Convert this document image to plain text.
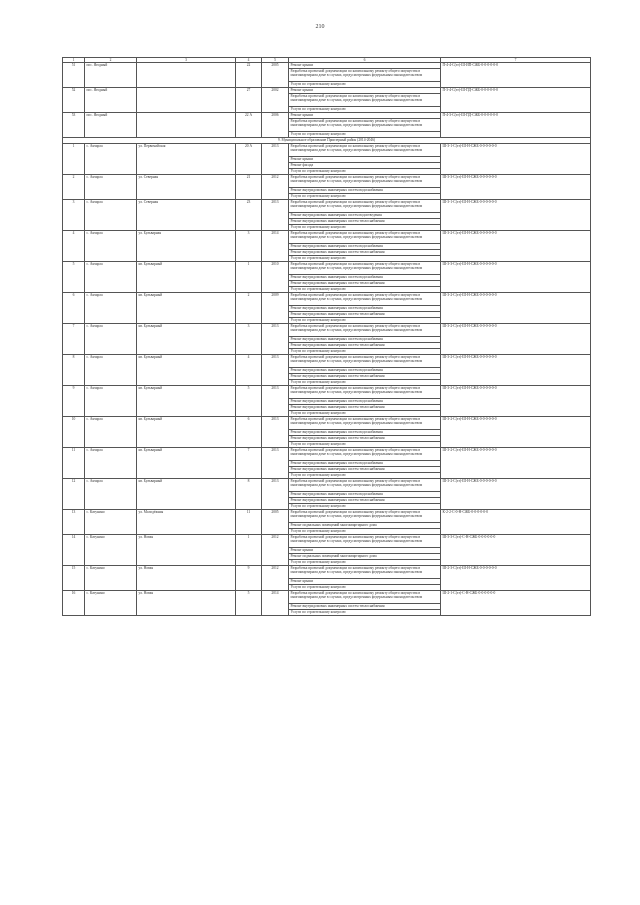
210
1	2	3	4	5	6	7
51	пос. Ягодный		22	2005	Ремонт крыши
Разработка проектной документации по капитальному ремонту общего имущества в многоквартирном доме в случаях, предусмотренных федеральным законодательством
Услуги по строительному контролю	П-4-4-С(зт)-Ш-ИП-СЖБ-0-0-0-0-0-0
52	пос. Ягодный		27	2002	Ремонт крыши
Разработка проектной документации по капитальному ремонту общего имущества в многоквартирном доме в случаях, предусмотренных федеральным законодательством
Услуги по строительному контролю	П-3-4-С(зт)-Ш-ПД-СЖБ-0-0-0-0-0-0
53	пос. Ягодный		22 А	2006	Ремонт крыши
Разработка проектной документации по капитальному ремонту общего имущества в многоквартирном доме в случаях, предусмотренных федеральным законодательством
Услуги по строительному контролю	П-4-3-С(зт)-Ш-ПД-СЖБ-0-0-0-0-0-0
9. Муниципальное образование Приозерный район (2014-2046)						
1	с. Акчарла	ул. Первомайская	20 А	2013	Разработка проектной документации по капитальному ремонту общего имущества в многоквартирном доме в случаях, предусмотренных федеральным законодательством
Ремонт крыши
Ремонт фасада
Услуги по строительному контролю	Ш-3-1-С(зт)-Ш-Н-СЖБ-0-0-0-0-0-0
2	с. Акчарла	ул. Северная	21	2012	Разработка проектной документации по капитальному ремонту общего имущества в многоквартирном доме в случаях, предусмотренных федеральным законодательством
Ремонт внутридомовых инженерных систем водоснабжения
Услуги по строительному контролю	Ш-3-3-С(зт)-Ш-Н-СЖБ-0-0-0-0-0-0
3	с. Акчарла	ул. Северная	23	2013	Разработка проектной документации по капитальному ремонту общего имущества в многоквартирном доме в случаях, предусмотренных федеральным законодательством
Ремонт внутридомовых инженерных систем водоотведения
Ремонт внутридомовых инженерных систем теплоснабжения
Услуги по строительному контролю	Ш-3-1-С(зт)-Ш-Н-СЖБ-0-0-0-0-0-0
4	с. Акчарла	ул. Бульварная	3	2014	Разработка проектной документации по капитальному ремонту общего имущества в многоквартирном доме в случаях, предусмотренных федеральным законодательством
Ремонт внутридомовых инженерных систем водоснабжения
Ремонт внутридомовых инженерных систем теплоснабжения
Услуги по строительному контролю	Ш-3-2-С(зт)-Ш-Н-СЖБ-0-0-0-0-0-0
5	с. Акчарла	кв. Бульварный	1	2010	Разработка проектной документации по капитальному ремонту общего имущества в многоквартирном доме в случаях, предусмотренных федеральным законодательством
Ремонт внутридомовых инженерных систем водоснабжения
Ремонт внутридомовых инженерных систем теплоснабжения
Услуги по строительному контролю	Ш-3-3-С(зт)-Ш-Н-СЖБ-0-0-0-0-0-0
6	с. Акчарла	кв. Бульварный	2	2009	Разработка проектной документации по капитальному ремонту общего имущества в многоквартирном доме в случаях, предусмотренных федеральным законодательством
Ремонт внутридомовых инженерных систем водоснабжения
Ремонт внутридомовых инженерных систем теплоснабжения
Услуги по строительному контролю	Ш-3-2-С(зт)-Ш-Н-СЖБ-0-0-0-0-0-0
7	с. Акчарла	кв. Бульварный	3	2013	Разработка проектной документации по капитальному ремонту общего имущества в многоквартирном доме в случаях, предусмотренных федеральным законодательством
Ремонт внутридомовых инженерных систем водоснабжения
Ремонт внутридомовых инженерных систем теплоснабжения
Услуги по строительному контролю	Ш-3-2-С(зт)-Ш-Н-СЖБ-0-0-0-0-0-0
8	с. Акчарла	кв. Бульварный	4	2013	Разработка проектной документации по капитальному ремонту общего имущества в многоквартирном доме в случаях, предусмотренных федеральным законодательством
Ремонт внутридомовых инженерных систем водоснабжения
Ремонт внутридомовых инженерных систем теплоснабжения
Услуги по строительному контролю	Ш-3-2-С(зт)-Ш-Н-СЖБ-0-0-0-0-0-0
9	с. Акчарла	кв. Бульварный	5	2013	Разработка проектной документации по капитальному ремонту общего имущества в многоквартирном доме в случаях, предусмотренных федеральным законодательством
Ремонт внутридомовых инженерных систем водоснабжения
Ремонт внутридомовых инженерных систем теплоснабжения
Услуги по строительному контролю	Ш-3-2-С(зт)-Ш-Н-СЖБ-0-0-0-0-0-0
10	с. Акчарла	кв. Бульварный	6	2013	Разработка проектной документации по капитальному ремонту общего имущества в многоквартирном доме в случаях, предусмотренных федеральным законодательством
Ремонт внутридомовых инженерных систем водоснабжения
Ремонт внутридомовых инженерных систем теплоснабжения
Услуги по строительному контролю	Ш-3-2-С(зт)-Ш-Н-СЖБ-0-0-0-0-0-0
11	с. Акчарла	кв. Бульварный	7	2013	Разработка проектной документации по капитальному ремонту общего имущества в многоквартирном доме в случаях, предусмотренных федеральным законодательством
Ремонт внутридомовых инженерных систем водоснабжения
Ремонт внутридомовых инженерных систем теплоснабжения
Услуги по строительному контролю	Ш-3-2-С(зт)-Ш-Н-СЖБ-0-0-0-0-0-0
12	с. Акчарла	кв. Бульварный	8	2013	Разработка проектной документации по капитальному ремонту общего имущества в многоквартирном доме в случаях, предусмотренных федеральным законодательством
Ремонт внутридомовых инженерных систем водоснабжения
Ремонт внутридомовых инженерных систем теплоснабжения
Услуги по строительному контролю	Ш-3-2-С(зт)-Ш-Н-СЖБ-0-0-0-0-0-0
13	с. Катунино	ул. Молодёжная	11	2005	Разработка проектной документации по капитальному ремонту общего имущества в многоквартирном доме в случаях, предусмотренных федеральным законодательством
Ремонт подвальных помещений многоквартирного дома
Услуги по строительному контролю	К-2-2-С-0-Н-СЖБ-0-0-0-0-0-0
14	с. Катунино	ул. Новая	1	2012	Разработка проектной документации по капитальному ремонту общего имущества в многоквартирном доме в случаях, предусмотренных федеральным законодательством
Ремонт крыши
Ремонт подвальных помещений многоквартирного дома
Услуги по строительному контролю	Ш-3-3-С(зт)-С-Н-СЖБ-0-0-0-0-0-0
15	с. Катунино	ул. Новая	9	2012	Разработка проектной документации по капитальному ремонту общего имущества в многоквартирном доме в случаях, предусмотренных федеральным законодательством
Ремонт крыши
Услуги по строительному контролю	Ш-2-3-С(зт)-Ш-Н-СЖБ-0-0-0-0-0-0
16	с. Катунино	ул. Новая	5	2014	Разработка проектной документации по капитальному ремонту общего имущества в многоквартирном доме в случаях, предусмотренных федеральным законодательством
Ремонт внутридомовых инженерных систем теплоснабжения
Услуги по строительному контролю	Ш-2-1-С(зт)-С-Н-СЖБ-0-0-0-0-0-0
